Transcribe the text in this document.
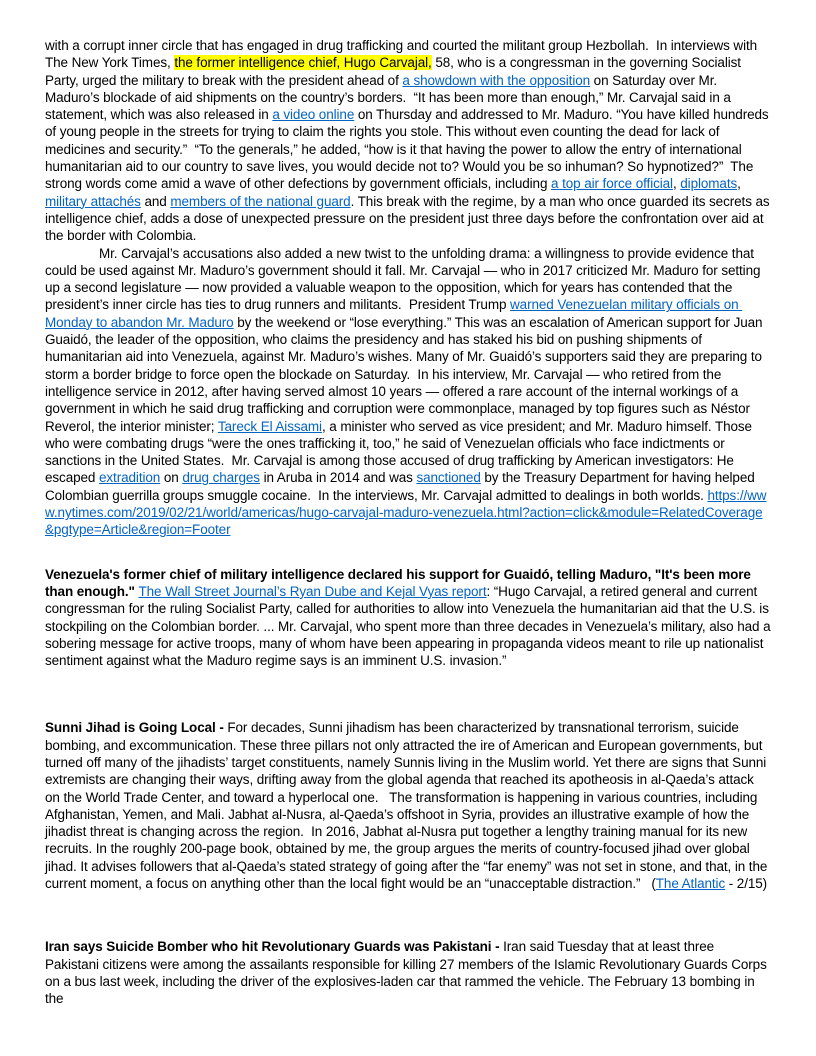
with a corrupt inner circle that has engaged in drug trafficking and courted the militant group Hezbollah.  In interviews with The New York Times, the former intelligence chief, Hugo Carvajal, 58, who is a congressman in the governing Socialist Party, urged the military to break with the president ahead of a showdown with the opposition on Saturday over Mr. Maduro’s blockade of aid shipments on the country’s borders.  “It has been more than enough,” Mr. Carvajal said in a statement, which was also released in a video online on Thursday and addressed to Mr. Maduro. “You have killed hundreds of young people in the streets for trying to claim the rights you stole. This without even counting the dead for lack of medicines and security.”  “To the generals,” he added, “how is it that having the power to allow the entry of international humanitarian aid to our country to save lives, you would decide not to? Would you be so inhuman? So hypnotized?”  The strong words come amid a wave of other defections by government officials, including a top air force official, diplomats, military attachés and members of the national guard. This break with the regime, by a man who once guarded its secrets as intelligence chief, adds a dose of unexpected pressure on the president just three days before the confrontation over aid at the border with Colombia.

Mr. Carvajal’s accusations also added a new twist to the unfolding drama: a willingness to provide evidence that could be used against Mr. Maduro’s government should it fall. Mr. Carvajal — who in 2017 criticized Mr. Maduro for setting up a second legislature — now provided a valuable weapon to the opposition, which for years has contended that the president’s inner circle has ties to drug runners and militants.  President Trump warned Venezuelan military officials on Monday to abandon Mr. Maduro by the weekend or “lose everything.” This was an escalation of American support for Juan Guaidó, the leader of the opposition, who claims the presidency and has staked his bid on pushing shipments of humanitarian aid into Venezuela, against Mr. Maduro’s wishes. Many of Mr. Guaidó’s supporters said they are preparing to storm a border bridge to force open the blockade on Saturday.  In his interview, Mr. Carvajal — who retired from the intelligence service in 2012, after having served almost 10 years — offered a rare account of the internal workings of a government in which he said drug trafficking and corruption were commonplace, managed by top figures such as Néstor Reverol, the interior minister; Tareck El Aissami, a minister who served as vice president; and Mr. Maduro himself. Those who were combating drugs “were the ones trafficking it, too,” he said of Venezuelan officials who face indictments or sanctions in the United States.  Mr. Carvajal is among those accused of drug trafficking by American investigators: He escaped extradition on drug charges in Aruba in 2014 and was sanctioned by the Treasury Department for having helped Colombian guerrilla groups smuggle cocaine.  In the interviews, Mr. Carvajal admitted to dealings in both worlds. https://www.nytimes.com/2019/02/21/world/americas/hugo-carvajal-maduro-venezuela.html?action=click&module=RelatedCoverage&pgtype=Article&region=Footer

Venezuela's former chief of military intelligence declared his support for Guaidó, telling Maduro, "It's been more than enough." The Wall Street Journal’s Ryan Dube and Kejal Vyas report: “Hugo Carvajal, a retired general and current congressman for the ruling Socialist Party, called for authorities to allow into Venezuela the humanitarian aid that the U.S. is stockpiling on the Colombian border. ... Mr. Carvajal, who spent more than three decades in Venezuela’s military, also had a sobering message for active troops, many of whom have been appearing in propaganda videos meant to rile up nationalist sentiment against what the Maduro regime says is an imminent U.S. invasion.”

Sunni Jihad is Going Local - For decades, Sunni jihadism has been characterized by transnational terrorism, suicide bombing, and excommunication. These three pillars not only attracted the ire of American and European governments, but turned off many of the jihadists’ target constituents, namely Sunnis living in the Muslim world. Yet there are signs that Sunni extremists are changing their ways, drifting away from the global agenda that reached its apotheosis in al-Qaeda’s attack on the World Trade Center, and toward a hyperlocal one.   The transformation is happening in various countries, including Afghanistan, Yemen, and Mali. Jabhat al-Nusra, al-Qaeda’s offshoot in Syria, provides an illustrative example of how the jihadist threat is changing across the region.  In 2016, Jabhat al-Nusra put together a lengthy training manual for its new recruits. In the roughly 200-page book, obtained by me, the group argues the merits of country-focused jihad over global jihad. It advises followers that al-Qaeda’s stated strategy of going after the “far enemy” was not set in stone, and that, in the current moment, a focus on anything other than the local fight would be an “unacceptable distraction.”   (The Atlantic - 2/15)

Iran says Suicide Bomber who hit Revolutionary Guards was Pakistani - Iran said Tuesday that at least three Pakistani citizens were among the assailants responsible for killing 27 members of the Islamic Revolutionary Guards Corps on a bus last week, including the driver of the explosives-laden car that rammed the vehicle. The February 13 bombing in the
